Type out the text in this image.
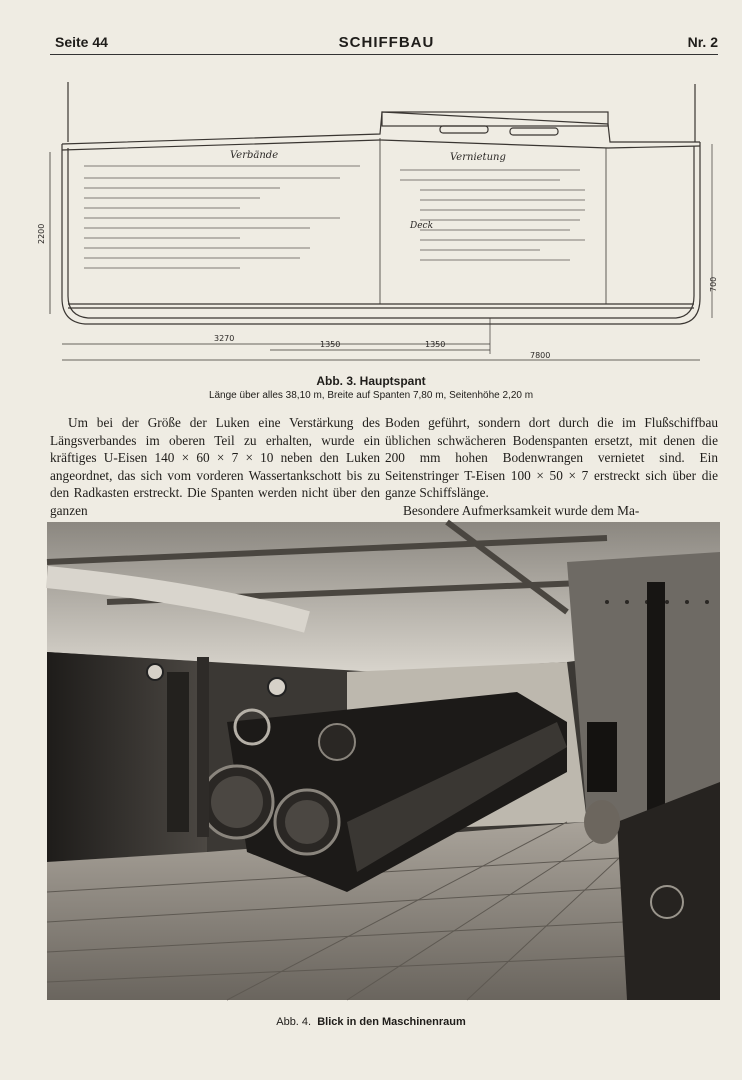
Seite 44	SCHIFFBAU	Nr. 2
Verbände	Vernietung
Deck
2200
3270
1350	1350
7800
700
Abb. 3. Hauptspant
Länge über alles 38,10 m, Breite auf Spanten 7,80 m, Seitenhöhe 2,20 m

Um bei der Größe der Luken eine Verstärkung des Längsverbandes im oberen Teil zu erhalten, wurde ein kräftiges U-Eisen 140 × 60 × 7 × 10 neben den Luken angeordnet, das sich vom vorderen Wassertankschott bis zu den Radkasten erstreckt. Die Spanten werden nicht über den ganzen

Boden geführt, sondern dort durch die im Flußschiffbau üblichen schwächeren Bodenspanten ersetzt, mit denen die 200 mm hohen Bodenwrangen vernietet sind. Ein Seitenstringer T-Eisen 100 × 50 × 7 erstreckt sich über die ganze Schiffslänge.

Besondere Aufmerksamkeit wurde dem Ma-

Abb. 4. Blick in den Maschinenraum
